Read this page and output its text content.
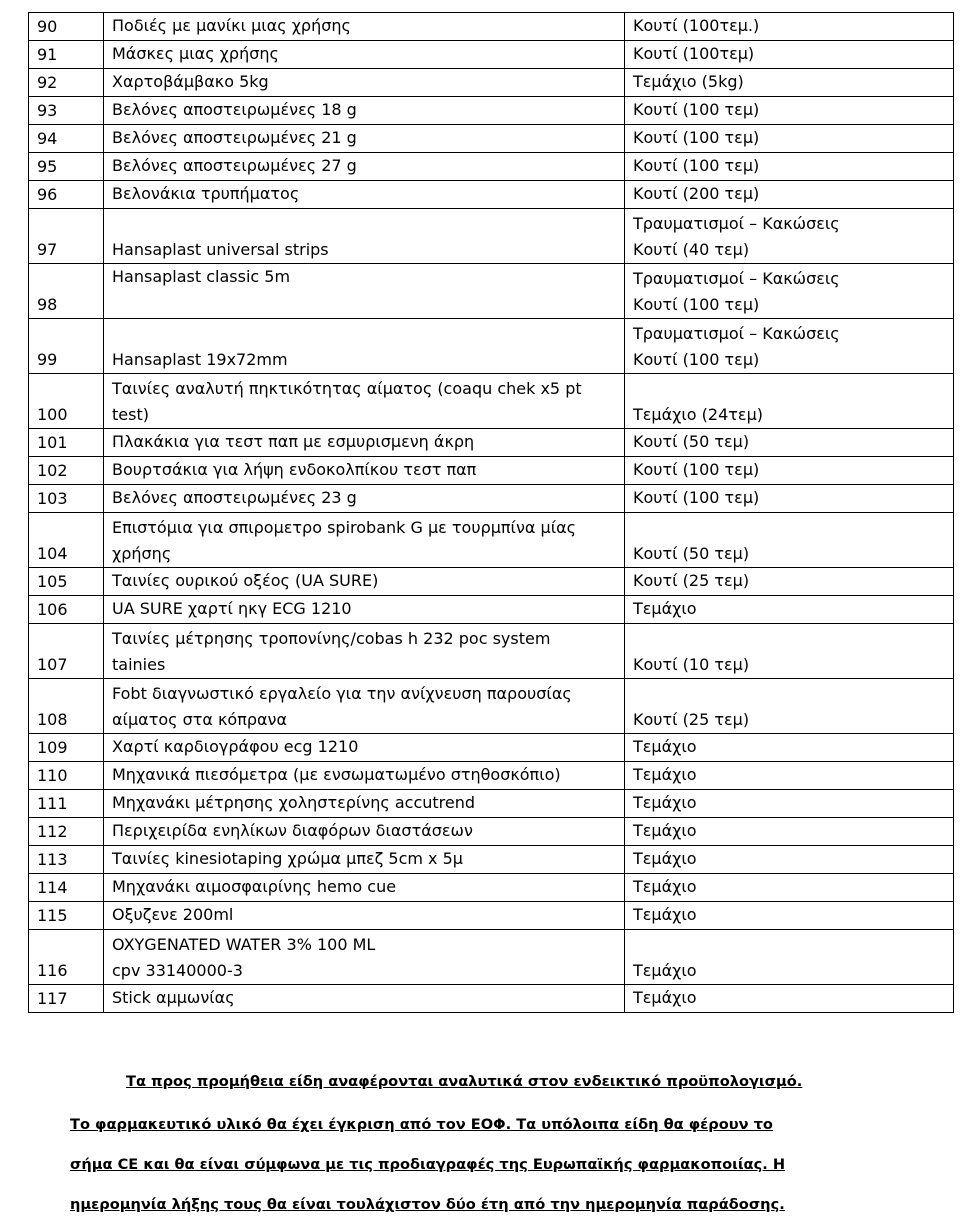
90	Ποδιές με μανίκι μιας χρήσης	Κουτί (100τεμ.)
91	Μάσκες μιας χρήσης	Κουτί (100τεμ)
92	Χαρτοβάμβακο 5kg	Τεμάχιο (5kg)
93	Βελόνες αποστειρωμένες 18 g	Κουτί (100 τεμ)
94	Βελόνες αποστειρωμένες 21 g	Κουτί (100 τεμ)
95	Βελόνες αποστειρωμένες 27 g	Κουτί (100 τεμ)
96	Βελονάκια τρυπήματος	Κουτί (200 τεμ)
97	Hansaplast universal strips	Τραυματισμοί – Κακώσεις
Κουτί (40 τεμ)

98	Hansaplast classic 5m	Τραυματισμοί – Κακώσεις
Κουτί (100 τεμ)

99	Hansaplast 19x72mm	Τραυματισμοί – Κακώσεις
Κουτί (100 τεμ)

100	Ταινίες αναλυτή πηκτικότητας αίματος (coaqu chek x5 pt
test)	Τεμάχιο (24τεμ)

101	Πλακάκια για τεστ παπ με εσμυρισμενη άκρη	Κουτί (50 τεμ)
102	Βουρτσάκια για λήψη ενδοκολπίκου τεστ παπ	Κουτί (100 τεμ)
103	Βελόνες αποστειρωμένες 23 g	Κουτί (100 τεμ)
104	Επιστόμια για σπιρομετρο spirobank G με τουρμπίνα μίας
χρήσης	Κουτί (50 τεμ)

105	Ταινίες ουρικού οξέος (UA SURE)	Κουτί (25 τεμ)
106	UA SURE χαρτί ηκγ ECG 1210	Τεμάχιο
107	Ταινίες μέτρησης τροπονίνης/cobas h 232 poc system
tainies	Κουτί (10 τεμ)

108	Fobt διαγνωστικό εργαλείο για την ανίχνευση παρουσίας
αίματος στα κόπρανα	Κουτί (25 τεμ)

109	Χαρτί καρδιογράφου ecg 1210	Τεμάχιο
110	Μηχανικά πιεσόμετρα (με ενσωματωμένο στηθοσκόπιο)	Τεμάχιο
111	Μηχανάκι μέτρησης χοληστερίνης accutrend	Τεμάχιο
112	Περιχειρίδα ενηλίκων διαφόρων διαστάσεων	Τεμάχιο
113	Ταινίες kinesiotaping χρώμα μπεζ 5cm x 5μ	Τεμάχιο
114	Μηχανάκι αιμοσφαιρίνης hemo cue	Τεμάχιο
115	Οξυζενε 200ml	Τεμάχιο
116	OXYGENATED WATER 3% 100 ML
cpv 33140000-3	Τεμάχιο

117	Stick αμμωνίας	Τεμάχιο
Τα προς προμήθεια είδη αναφέρονται αναλυτικά στον ενδεικτικό προϋπολογισμό.
Το φαρμακευτικό υλικό θα έχει έγκριση από τον ΕΟΦ. Τα υπόλοιπα είδη θα φέρουν το
σήμα CE και θα είναι σύμφωνα με τις προδιαγραφές της Ευρωπαϊκής φαρμακοποιίας. Η
ημερομηνία λήξης τους θα είναι τουλάχιστον δύο έτη από την ημερομηνία παράδοσης.
